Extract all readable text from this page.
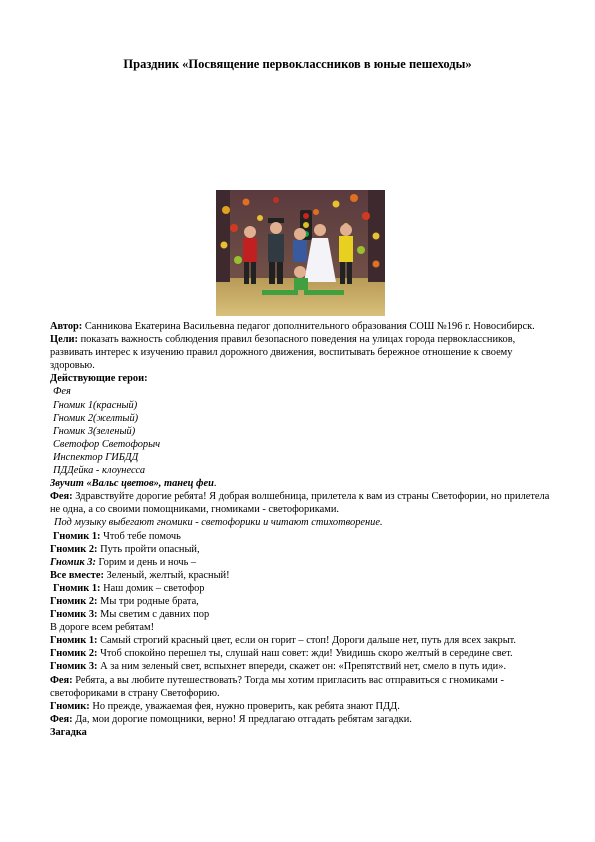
Праздник «Посвящение первоклассников в юные пешеходы»

Автор: Санникова Екатерина Васильевна педагог дополнительного образования СОШ №196 г. Новосибирск.

Цели: показать важность соблюдения правил безопасного поведения на улицах города первоклассников, развивать интерес к изучению правил дорожного движения, воспитывать бережное отношение к своему здоровью.

Действующие герои:

Фея

Гномик 1(красный)

Гномик 2(желтый)

Гномик 3(зеленый)

Светофор Светофорыч

Инспектор ГИБДД

ПДДейка - клоунесса

Звучит «Вальс цветов», танец феи.

Фея: Здравствуйте дорогие ребята! Я добрая волшебница, прилетела к вам из страны Светофории, но прилетела не одна, а со своими помощниками, гномиками - светофориками.

Под музыку выбегают гномики - светофорики и читают стихотворение.

Гномик 1: Чтоб тебе помочь

Гномик 2: Путь пройти опасный,

Гномик 3: Горим и день и ночь –

Все вместе: Зеленый, желтый, красный!

Гномик 1: Наш домик – светофор

Гномик 2: Мы три родные брата,

Гномик 3: Мы светим с давних пор

В дороге всем ребятам!

Гномик 1: Самый строгий красный цвет, если он горит – стоп! Дороги дальше нет, путь для всех закрыт.

Гномик 2: Чтоб спокойно перешел ты, слушай наш совет: жди! Увидишь скоро желтый в середине свет.

Гномик 3: А за ним зеленый свет, вспыхнет впереди, скажет он: «Препятствий нет, смело в путь иди».

Фея: Ребята, а вы любите путешествовать? Тогда мы хотим пригласить вас отправиться с гномиками - светофориками в страну Светофорию.

Гномик: Но прежде, уважаемая фея, нужно проверить, как ребята знают ПДД.

Фея: Да, мои дорогие помощники, верно! Я предлагаю отгадать ребятам загадки.

Загадка
